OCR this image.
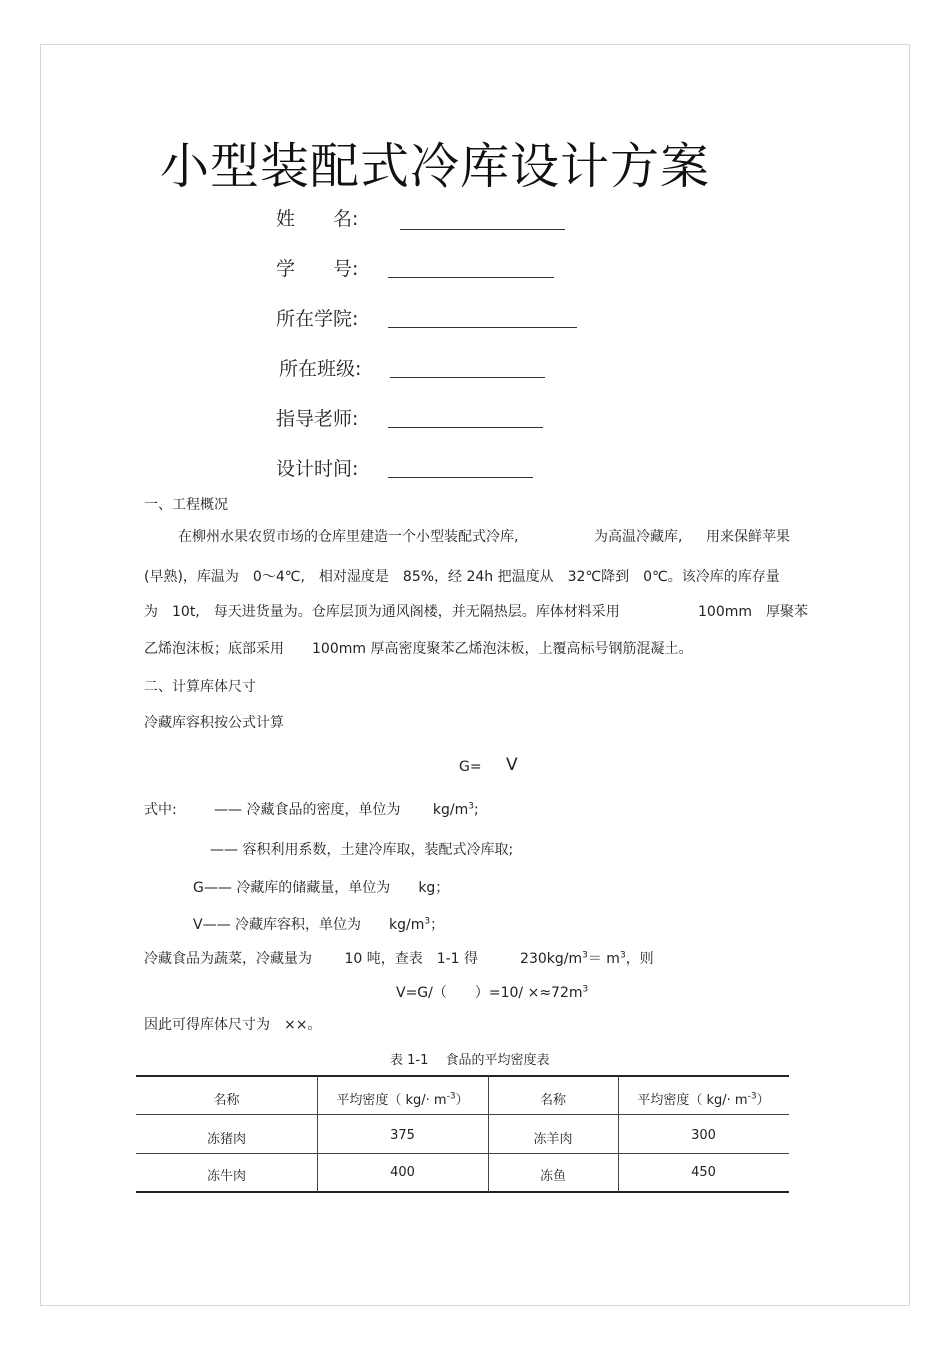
小型装配式冷库设计方案
姓　　名:
学　　号:
所在学院:
所在班级:
指导老师:
设计时间:
一、工程概况
在柳州水果农贸市场的仓库里建造一个小型装配式冷库,	为高温冷藏库, 用来保鲜苹果
(早熟)，库温为　0～4℃,　相对湿度是　85%，经 24h 把温度从　32℃降到　0℃。该冷库的库存量
为　10t,　每天进货量为。仓库层顶为通风阁楼，并无隔热层。库体材料采用	100mm　厚聚苯
乙烯泡沫板；底部采用　　100mm 厚高密度聚苯乙烯泡沫板，上覆高标号钢筋混凝土。
二、计算库体尺寸
冷藏库容积按公式计算
G= V
式中:	—— 冷藏食品的密度，单位为　　 $kg/m^3$;
—— 容积利用系数，土建冷库取，装配式冷库取;
G—— 冷藏库的储藏量，单位为　　 kg；
V—— 冷藏库容积，单位为　　 $kg/m^3$；
冷藏食品为蔬菜，冷藏量为　　 10 吨，查表　1-1 得　　　	$230kg/m^3= m^3$，则
V=G/（　　）$=10/ \times\approx 72m^3$
因此可得库体尺寸为　××。
表 1-1　 食品的平均密度表
名称	平均密度（ $kg/\cdot m^{-3}$）	名称	平均密度（ $kg/\cdot m^{-3}$）
冻猪肉	375	冻羊肉	300
冻牛肉	400	冻鱼	450
